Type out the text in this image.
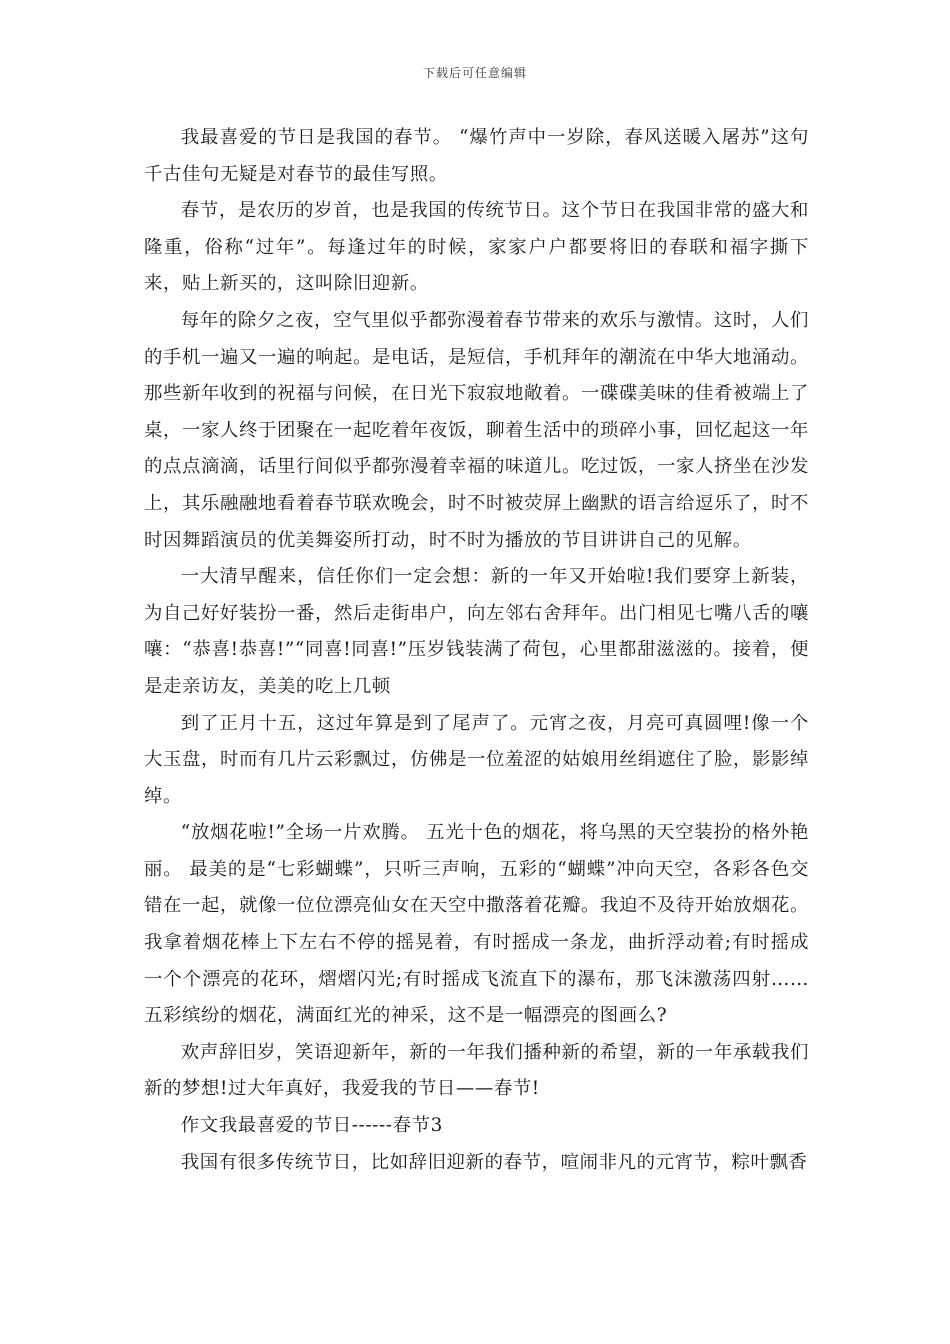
下载后可任意编辑

我最喜爱的节日是我国的春节。 “爆竹声中一岁除，春风送暖入屠苏”这句千古佳句无疑是对春节的最佳写照。

春节，是农历的岁首，也是我国的传统节日。这个节日在我国非常的盛大和隆重，俗称“过年”。每逢过年的时候，家家户户都要将旧的春联和福字撕下来，贴上新买的，这叫除旧迎新。

每年的除夕之夜，空气里似乎都弥漫着春节带来的欢乐与激情。这时，人们的手机一遍又一遍的响起。是电话，是短信，手机拜年的潮流在中华大地涌动。那些新年收到的祝福与问候，在日光下寂寂地敞着。一碟碟美味的佳肴被端上了桌，一家人终于团聚在一起吃着年夜饭，聊着生活中的琐碎小事，回忆起这一年的点点滴滴，话里行间似乎都弥漫着幸福的味道儿。吃过饭，一家人挤坐在沙发上，其乐融融地看着春节联欢晚会，时不时被荧屏上幽默的语言给逗乐了，时不时因舞蹈演员的优美舞姿所打动，时不时为播放的节目讲讲自己的见解。

一大清早醒来，信任你们一定会想：新的一年又开始啦!我们要穿上新装，为自己好好装扮一番，然后走街串户，向左邻右舍拜年。出门相见七嘴八舌的嚷嚷：“恭喜!恭喜!”“同喜!同喜!”压岁钱装满了荷包，心里都甜滋滋的。接着，便是走亲访友，美美的吃上几顿

到了正月十五，这过年算是到了尾声了。元宵之夜，月亮可真圆哩!像一个大玉盘，时而有几片云彩飘过，仿佛是一位羞涩的姑娘用丝绢遮住了脸，影影绰绰。

“放烟花啦!”全场一片欢腾。 五光十色的烟花，将乌黑的天空装扮的格外艳丽。 最美的是“七彩蝴蝶”，只听三声响，五彩的“蝴蝶”冲向天空，各彩各色交错在一起，就像一位位漂亮仙女在天空中撒落着花瓣。我迫不及待开始放烟花。我拿着烟花棒上下左右不停的摇晃着，有时摇成一条龙，曲折浮动着;有时摇成一个个漂亮的花环，熠熠闪光;有时摇成飞流直下的瀑布，那飞沫激荡四射……五彩缤纷的烟花，满面红光的神采，这不是一幅漂亮的图画么?

欢声辞旧岁，笑语迎新年，新的一年我们播种新的希望，新的一年承载我们新的梦想!过大年真好，我爱我的节日——春节!

作文我最喜爱的节日------春节3

我国有很多传统节日，比如辞旧迎新的春节，喧闹非凡的元宵节，粽叶飘香
